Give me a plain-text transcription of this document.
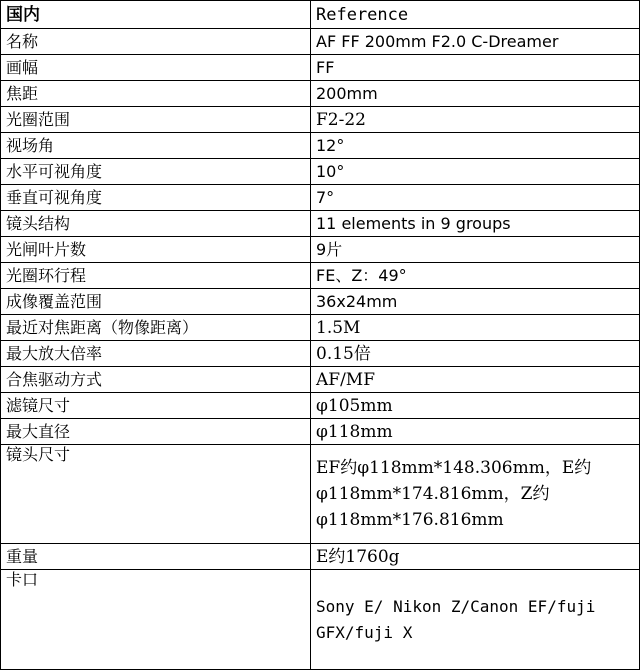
国内	Reference
名称	AF FF 200mm F2.0 C-Dreamer
画幅	FF
焦距	200mm
光圈范围	F2-22
视场角	12°
水平可视角度	10°
垂直可视角度	7°
镜头结构	11 elements in 9 groups
光闸叶片数	9片
光圈环行程	FE、Z：49°
成像覆盖范围	36x24mm
最近对焦距离（物像距离）	1.5M
最大放大倍率	0.15倍
合焦驱动方式	AF/MF
滤镜尺寸	φ105mm
最大直径	φ118mm
镜头尺寸	EF约φ118mm*148.306mm，E约φ118mm*174.816mm，Z约φ118mm*176.816mm
重量	E约1760g
卡口	Sony E/ Nikon Z/Canon EF/fuji GFX/fuji X
